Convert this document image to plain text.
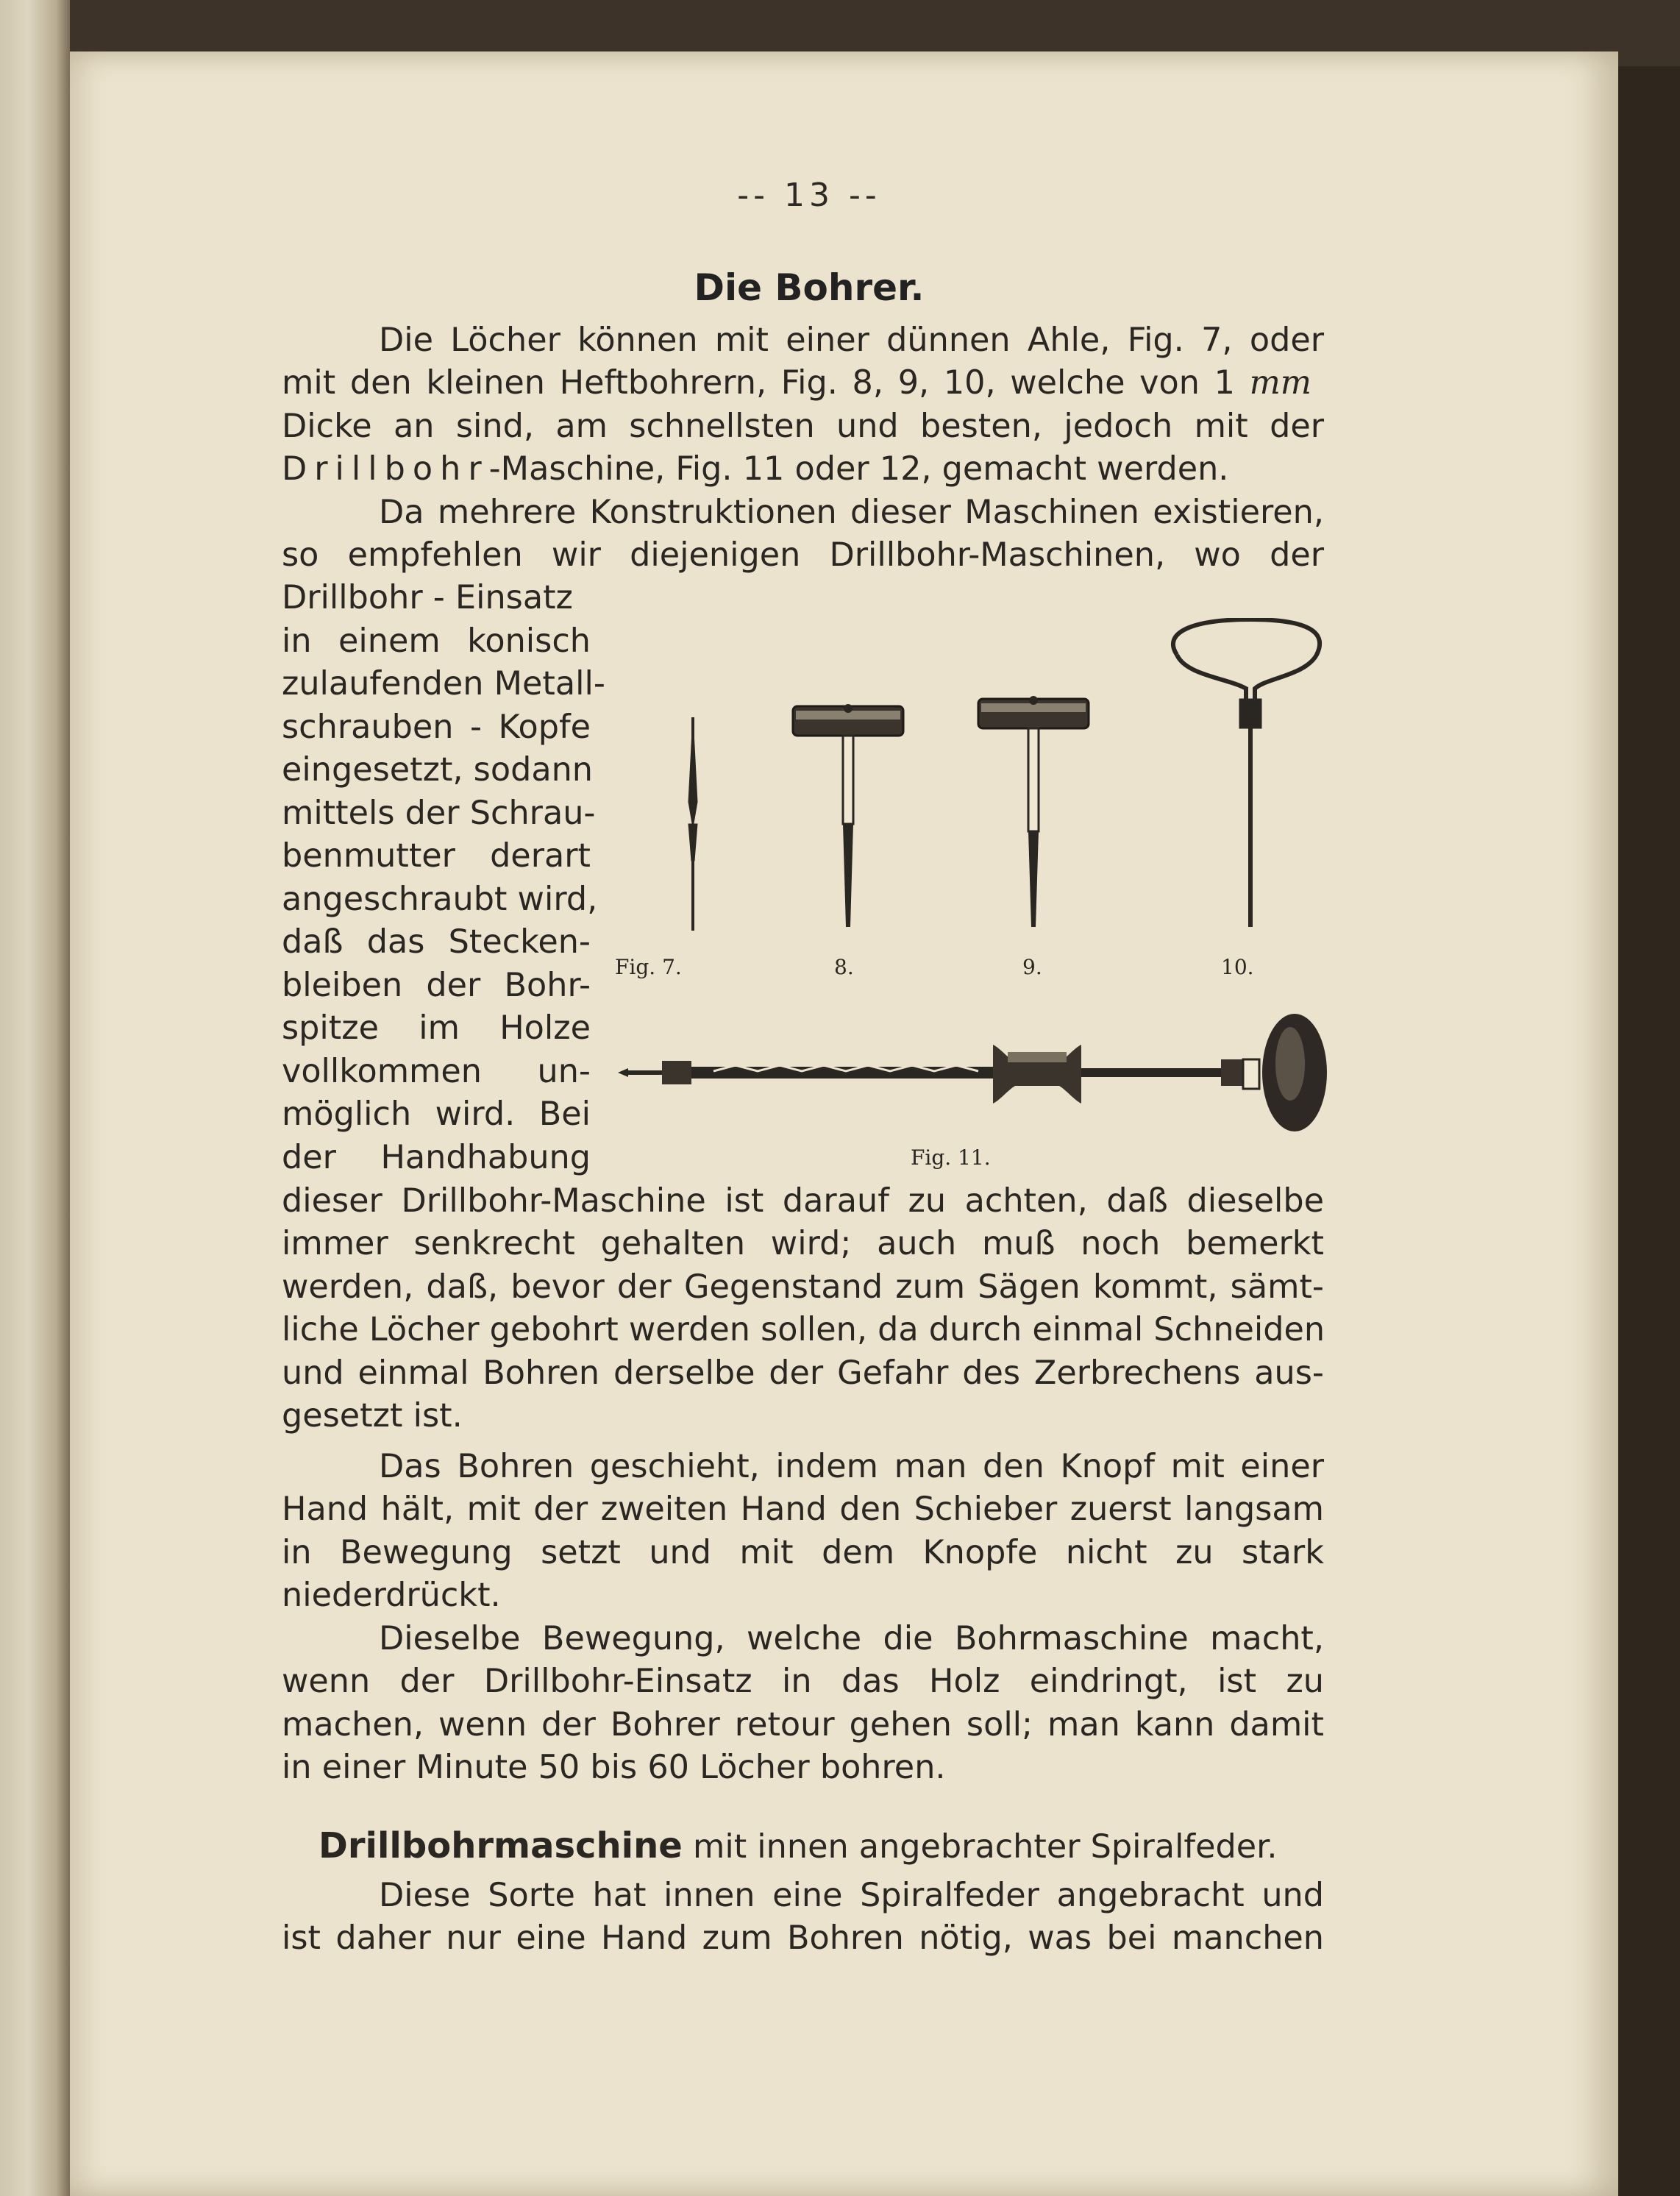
-- 13 --
Die Bohrer.
Die Löcher können mit einer dünnen Ahle, Fig. 7, oder
mit den kleinen Heftbohrern, Fig. 8, 9, 10, welche von 1 mm
Dicke an sind, am schnellsten und besten, jedoch mit der
Drillbohr-Maschine, Fig. 11 oder 12, gemacht werden.
Da mehrere Konstruktionen dieser Maschinen existieren,
so empfehlen wir diejenigen Drillbohr-Maschinen, wo der
Drillbohr - Einsatz
in einem konisch
zulaufenden Metall-
schrauben - Kopfe
eingesetzt, sodann
mittels der Schrau-
benmutter derart
angeschraubt wird,
daß das Stecken-
bleiben der Bohr-
spitze im Holze
vollkommen un-
möglich wird. Bei
der Handhabung
dieser Drillbohr-Maschine ist darauf zu achten, daß dieselbe
immer senkrecht gehalten wird; auch muß noch bemerkt
werden, daß, bevor der Gegenstand zum Sägen kommt, sämt-
liche Löcher gebohrt werden sollen, da durch einmal Schneiden
und einmal Bohren derselbe der Gefahr des Zerbrechens aus-
gesetzt ist.
Das Bohren geschieht, indem man den Knopf mit einer
Hand hält, mit der zweiten Hand den Schieber zuerst langsam
in Bewegung setzt und mit dem Knopfe nicht zu stark
niederdrückt.
Dieselbe Bewegung, welche die Bohrmaschine macht,
wenn der Drillbohr-Einsatz in das Holz eindringt, ist zu
machen, wenn der Bohrer retour gehen soll; man kann damit
in einer Minute 50 bis 60 Löcher bohren.
Drillbohrmaschine mit innen angebrachter Spiralfeder.
Diese Sorte hat innen eine Spiralfeder angebracht und
ist daher nur eine Hand zum Bohren nötig, was bei manchen
Fig. 7.	8.	9.	10.
Fig. 11.
